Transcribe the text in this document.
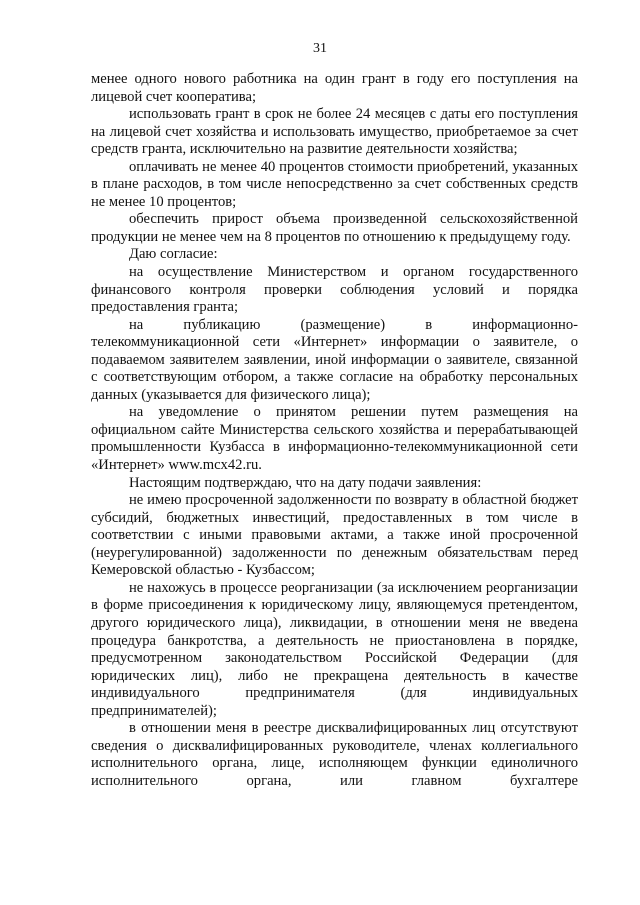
31

менее одного нового работника на один грант в году его поступления на лицевой счет кооператива;

использовать грант в срок не более 24 месяцев с даты его поступления на лицевой счет хозяйства и использовать имущество, приобретаемое за счет средств гранта, исключительно на развитие деятельности хозяйства;

оплачивать не менее 40 процентов стоимости приобретений, указанных в плане расходов, в том числе непосредственно за счет собственных средств не менее 10 процентов;

обеспечить прирост объема произведенной сельскохозяйственной продукции не менее чем на 8 процентов по отношению к предыдущему году.

Даю согласие:

на осуществление Министерством и органом государственного финансового контроля проверки соблюдения условий и порядка предоставления гранта;

на публикацию (размещение) в информационно-телекоммуникационной сети «Интернет» информации о заявителе, о подаваемом заявителем заявлении, иной информации о заявителе, связанной с соответствующим отбором, а также согласие на обработку персональных данных (указывается для физического лица);

на уведомление о принятом решении путем размещения на официальном сайте Министерства сельского хозяйства и перерабатывающей промышленности Кузбасса в информационно-телекоммуникационной сети «Интернет» www.mcx42.ru.

Настоящим подтверждаю, что на дату подачи заявления:

не имею просроченной задолженности по возврату в областной бюджет субсидий, бюджетных инвестиций, предоставленных в том числе в соответствии с иными правовыми актами, а также иной просроченной (неурегулированной) задолженности по денежным обязательствам перед Кемеровской областью - Кузбассом;

не нахожусь в процессе реорганизации (за исключением реорганизации в форме присоединения к юридическому лицу, являющемуся претендентом, другого юридического лица), ликвидации, в отношении меня не введена процедура банкротства, а деятельность не приостановлена в порядке, предусмотренном законодательством Российской Федерации (для юридических лиц), либо не прекращена деятельность в качестве индивидуального предпринимателя (для индивидуальных предпринимателей);

в отношении меня в реестре дисквалифицированных лиц отсутствуют сведения о дисквалифицированных руководителе, членах коллегиального исполнительного органа, лице, исполняющем функции единоличного исполнительного органа, или главном бухгалтере
